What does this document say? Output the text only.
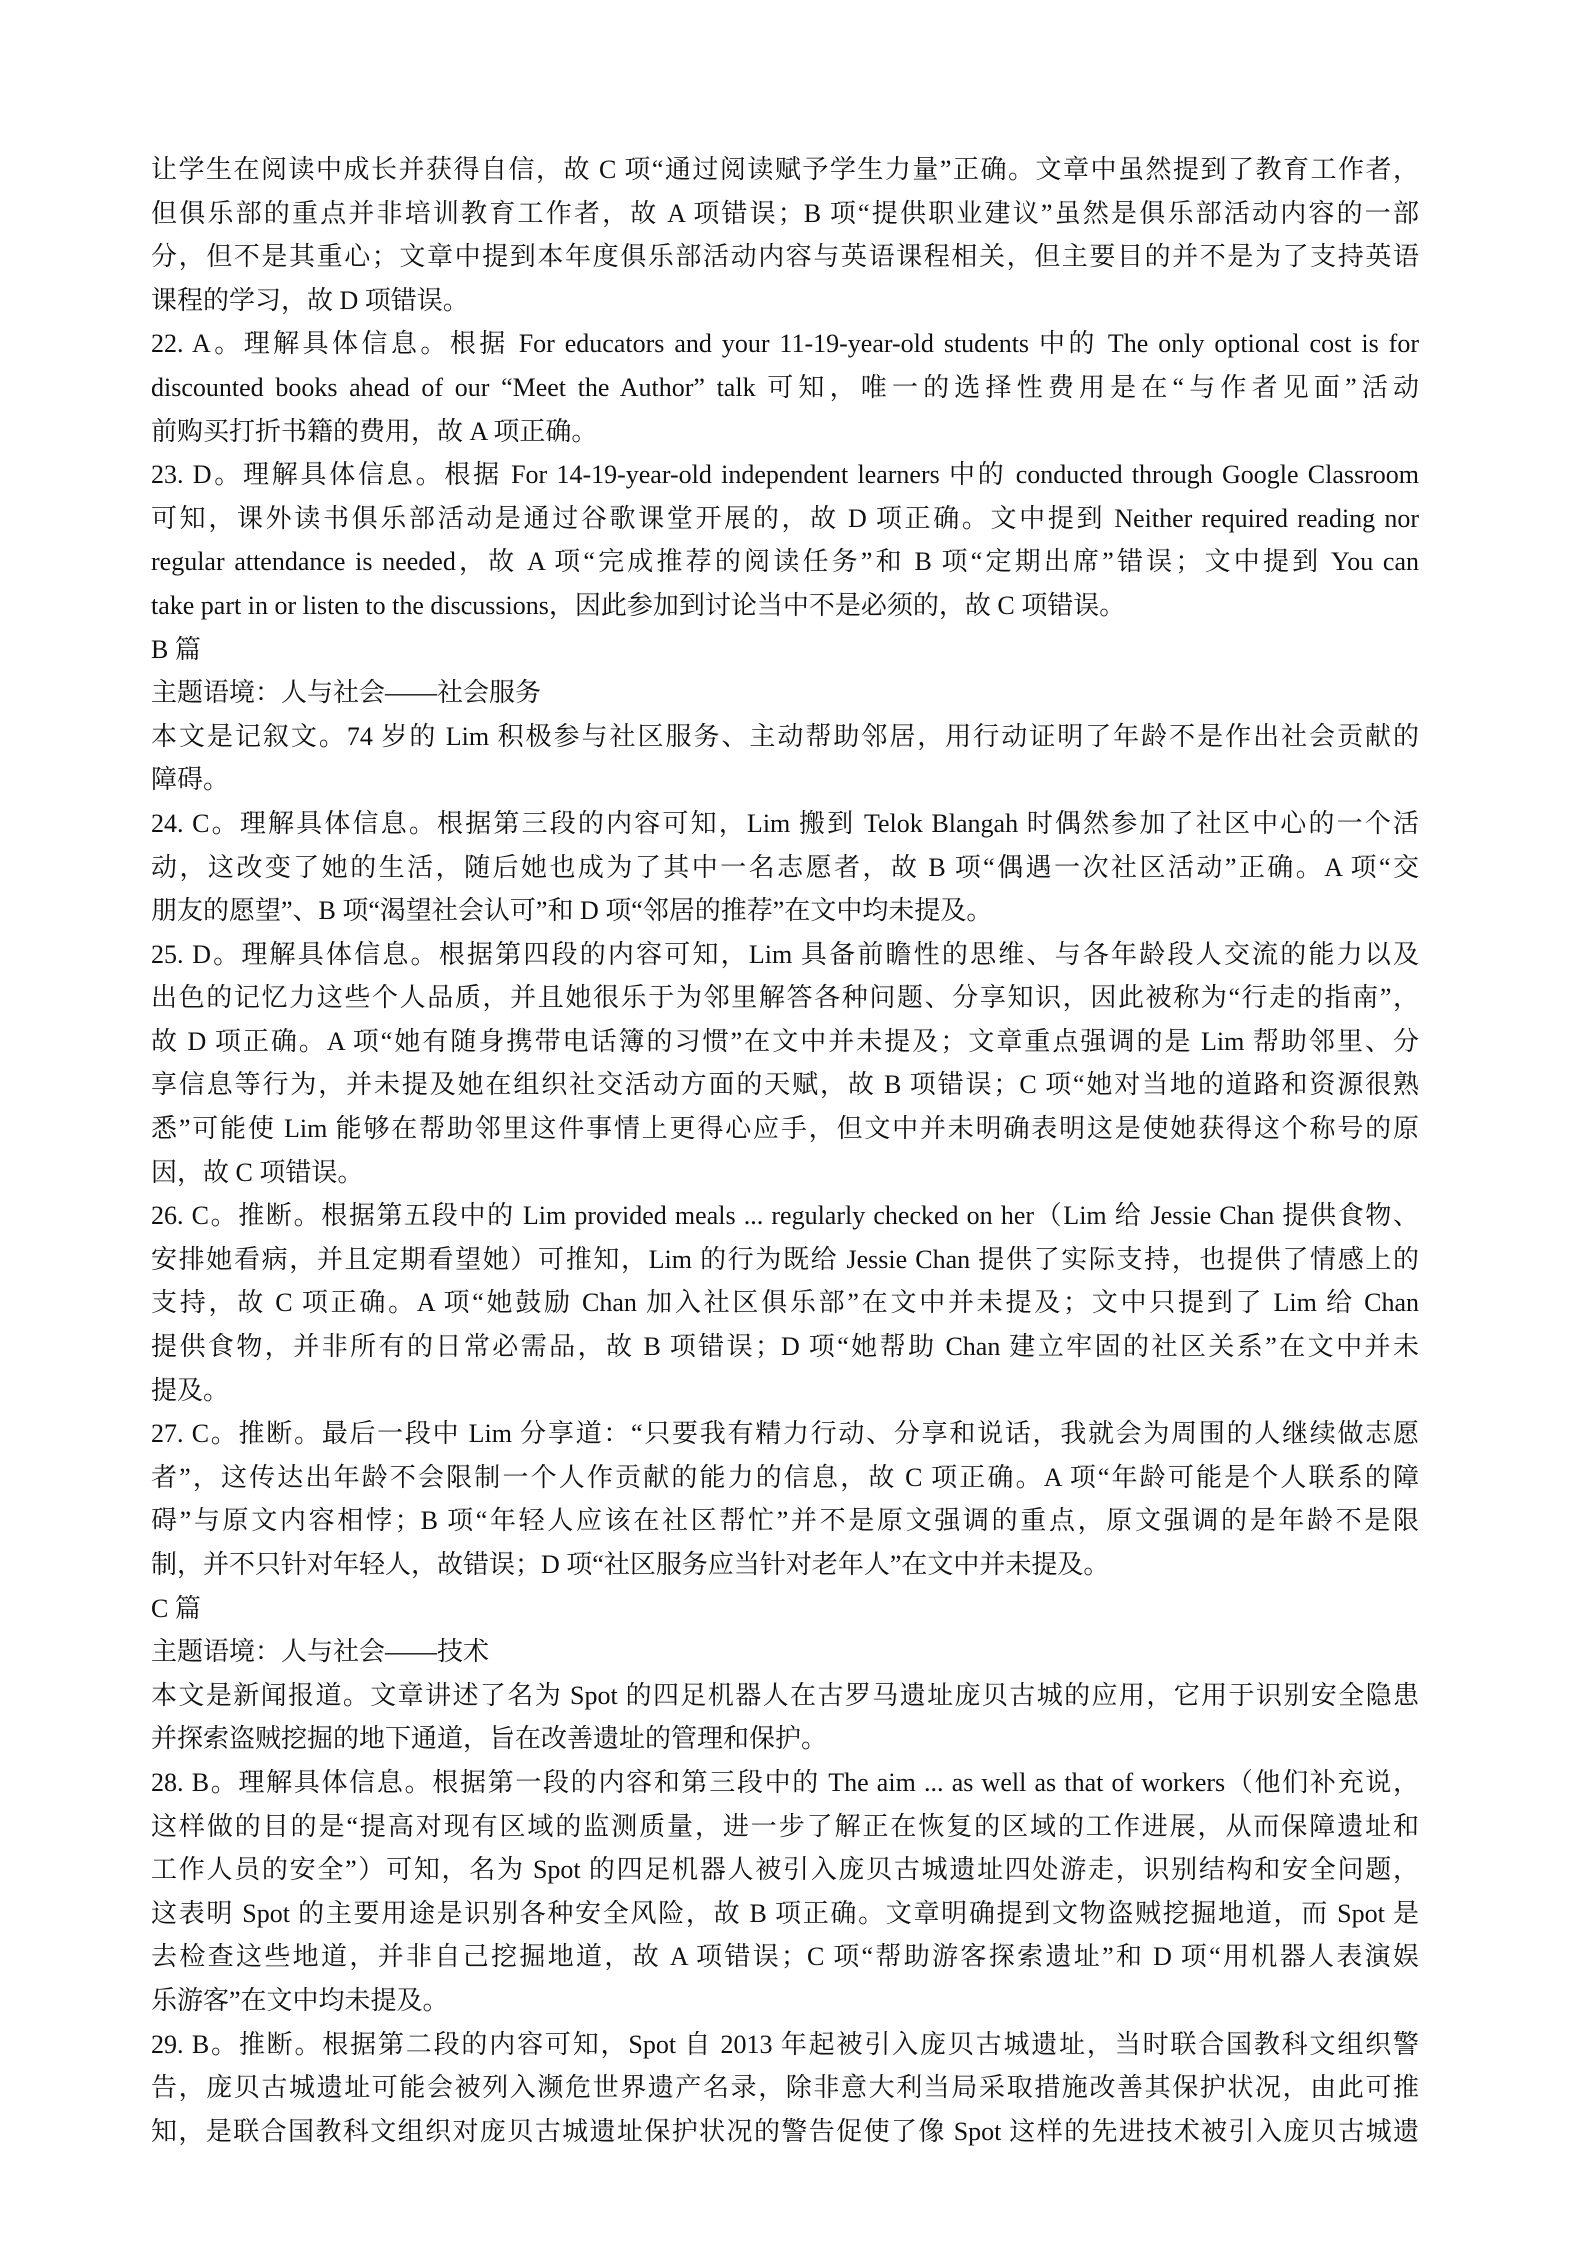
让学生在阅读中成长并获得自信，故 C 项“通过阅读赋予学生力量”正确。文章中虽然提到了教育工作者，
但俱乐部的重点并非培训教育工作者，故 A 项错误；B 项“提供职业建议”虽然是俱乐部活动内容的一部
分，但不是其重心；文章中提到本年度俱乐部活动内容与英语课程相关，但主要目的并不是为了支持英语
课程的学习，故 D 项错误。
22. A。理解具体信息。根据 For educators and your 11-19-year-old students 中的 The only optional cost is for
discounted books ahead of our “Meet the Author” talk 可知，唯一的选择性费用是在“与作者见面”活动
前购买打折书籍的费用，故 A 项正确。
23. D。理解具体信息。根据 For 14-19-year-old independent learners 中的 conducted through Google Classroom
可知，课外读书俱乐部活动是通过谷歌课堂开展的，故 D 项正确。文中提到 Neither required reading nor
regular attendance is needed，故 A 项“完成推荐的阅读任务”和 B 项“定期出席”错误；文中提到 You can
take part in or listen to the discussions，因此参加到讨论当中不是必须的，故 C 项错误。
B 篇
主题语境：人与社会——社会服务
本文是记叙文。74 岁的 Lim 积极参与社区服务、主动帮助邻居，用行动证明了年龄不是作出社会贡献的
障碍。
24. C。理解具体信息。根据第三段的内容可知，Lim 搬到 Telok Blangah 时偶然参加了社区中心的一个活
动，这改变了她的生活，随后她也成为了其中一名志愿者，故 B 项“偶遇一次社区活动”正确。A 项“交
朋友的愿望”、B 项“渴望社会认可”和 D 项“邻居的推荐”在文中均未提及。
25. D。理解具体信息。根据第四段的内容可知，Lim 具备前瞻性的思维、与各年龄段人交流的能力以及
出色的记忆力这些个人品质，并且她很乐于为邻里解答各种问题、分享知识，因此被称为“行走的指南”，
故 D 项正确。A 项“她有随身携带电话簿的习惯”在文中并未提及；文章重点强调的是 Lim 帮助邻里、分
享信息等行为，并未提及她在组织社交活动方面的天赋，故 B 项错误；C 项“她对当地的道路和资源很熟
悉”可能使 Lim 能够在帮助邻里这件事情上更得心应手，但文中并未明确表明这是使她获得这个称号的原
因，故 C 项错误。
26. C。推断。根据第五段中的 Lim provided meals ... regularly checked on her（Lim 给 Jessie Chan 提供食物、
安排她看病，并且定期看望她）可推知，Lim 的行为既给 Jessie Chan 提供了实际支持，也提供了情感上的
支持，故 C 项正确。A 项“她鼓励 Chan 加入社区俱乐部”在文中并未提及；文中只提到了 Lim 给 Chan
提供食物，并非所有的日常必需品，故 B 项错误；D 项“她帮助 Chan 建立牢固的社区关系”在文中并未
提及。
27. C。推断。最后一段中 Lim 分享道：“只要我有精力行动、分享和说话，我就会为周围的人继续做志愿
者”，这传达出年龄不会限制一个人作贡献的能力的信息，故 C 项正确。A 项“年龄可能是个人联系的障
碍”与原文内容相悖；B 项“年轻人应该在社区帮忙”并不是原文强调的重点，原文强调的是年龄不是限
制，并不只针对年轻人，故错误；D 项“社区服务应当针对老年人”在文中并未提及。
C 篇
主题语境：人与社会——技术
本文是新闻报道。文章讲述了名为 Spot 的四足机器人在古罗马遗址庞贝古城的应用，它用于识别安全隐患
并探索盗贼挖掘的地下通道，旨在改善遗址的管理和保护。
28. B。理解具体信息。根据第一段的内容和第三段中的 The aim ... as well as that of workers（他们补充说，
这样做的目的是“提高对现有区域的监测质量，进一步了解正在恢复的区域的工作进展，从而保障遗址和
工作人员的安全”）可知，名为 Spot 的四足机器人被引入庞贝古城遗址四处游走，识别结构和安全问题，
这表明 Spot 的主要用途是识别各种安全风险，故 B 项正确。文章明确提到文物盗贼挖掘地道，而 Spot 是
去检查这些地道，并非自己挖掘地道，故 A 项错误；C 项“帮助游客探索遗址”和 D 项“用机器人表演娱
乐游客”在文中均未提及。
29. B。推断。根据第二段的内容可知，Spot 自 2013 年起被引入庞贝古城遗址，当时联合国教科文组织警
告，庞贝古城遗址可能会被列入濒危世界遗产名录，除非意大利当局采取措施改善其保护状况，由此可推
知，是联合国教科文组织对庞贝古城遗址保护状况的警告促使了像 Spot 这样的先进技术被引入庞贝古城遗
